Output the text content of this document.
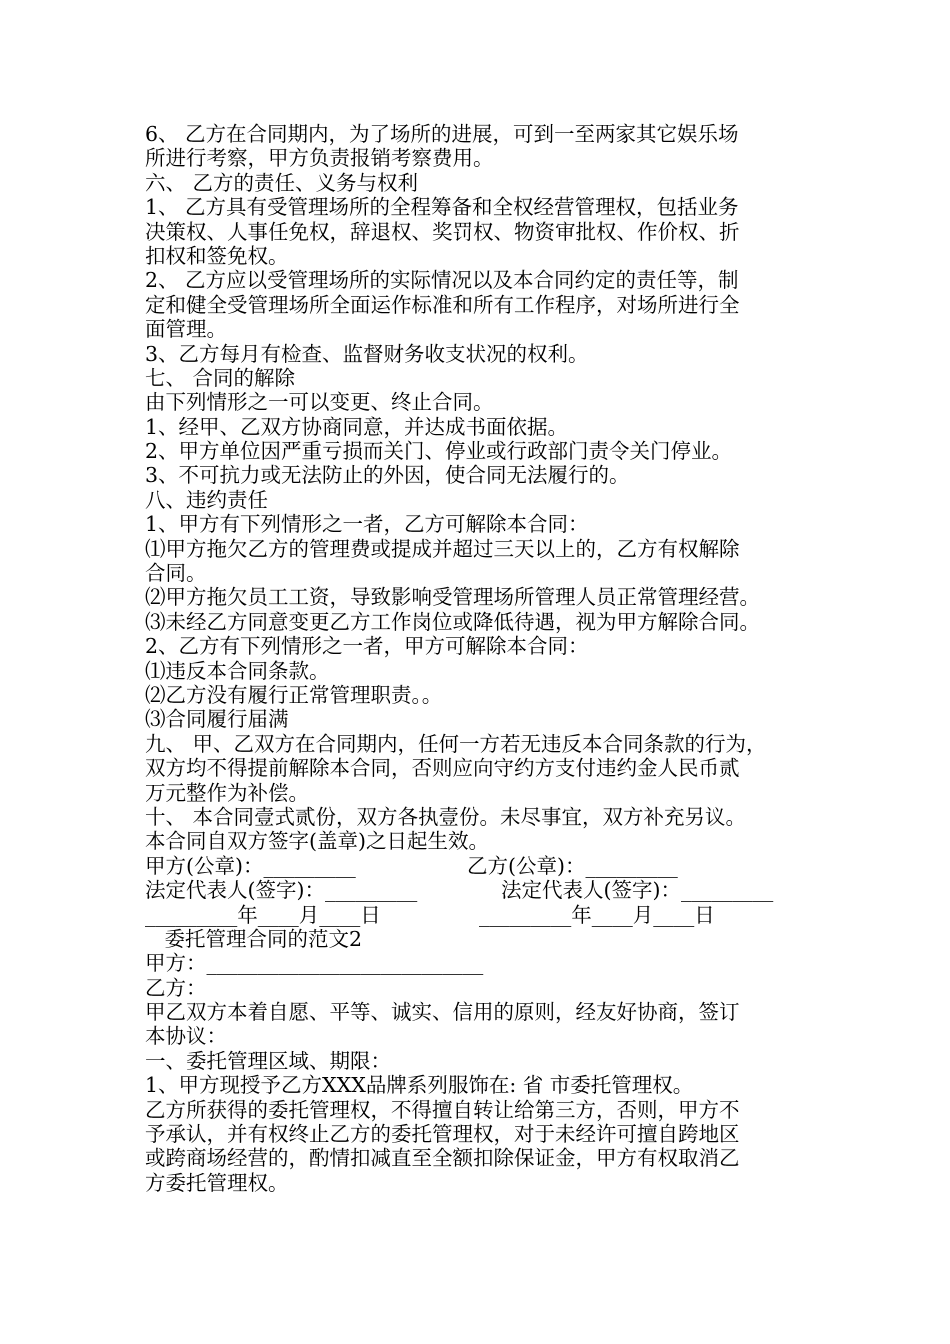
6、 乙方在合同期内，为了场所的进展，可到一至两家其它娱乐场
所进行考察，甲方负责报销考察费用。
六、 乙方的责任、义务与权利
1、 乙方具有受管理场所的全程筹备和全权经营管理权，包括业务
决策权、人事任免权，辞退权、奖罚权、物资审批权、作价权、折
扣权和签免权。
2、 乙方应以受管理场所的实际情况以及本合同约定的责任等，制
定和健全受管理场所全面运作标准和所有工作程序，对场所进行全
面管理。
3、乙方每月有检查、监督财务收支状况的权利。
七、 合同的解除
由下列情形之一可以变更、终止合同。
1、经甲、乙双方协商同意，并达成书面依据。
2、甲方单位因严重亏损而关门、停业或行政部门责令关门停业。
3、不可抗力或无法防止的外因，使合同无法履行的。
八、违约责任
1、甲方有下列情形之一者，乙方可解除本合同：
⑴甲方拖欠乙方的管理费或提成并超过三天以上的，乙方有权解除
合同。
⑵甲方拖欠员工工资，导致影响受管理场所管理人员正常管理经营。
⑶未经乙方同意变更乙方工作岗位或降低待遇，视为甲方解除合同。
2、乙方有下列情形之一者，甲方可解除本合同：
⑴违反本合同条款。
⑵乙方没有履行正常管理职责。。
⑶合同履行届满
九、 甲、乙双方在合同期内，任何一方若无违反本合同条款的行为，
双方均不得提前解除本合同，否则应向守约方支付违约金人民币贰
万元整作为补偿。
十、 本合同壹式贰份，双方各执壹份。未尽事宜，双方补充另议。
本合同自双方签字(盖章)之日起生效。
甲方(公章)：_________	乙方(公章)：_________
法定代表人(签字)：_________	法定代表人(签字)：_________
_________年____月____日	_________年____月____日
委托管理合同的范文2
甲方：___________________________
乙方：
甲乙双方本着自愿、平等、诚实、信用的原则，经友好协商，签订
本协议：
一、委托管理区域、期限：
1、甲方现授予乙方XXX品牌系列服饰在: 省 市委托管理权。
乙方所获得的委托管理权，不得擅自转让给第三方，否则，甲方不
予承认，并有权终止乙方的委托管理权，对于未经许可擅自跨地区
或跨商场经营的，酌情扣减直至全额扣除保证金，甲方有权取消乙
方委托管理权。
